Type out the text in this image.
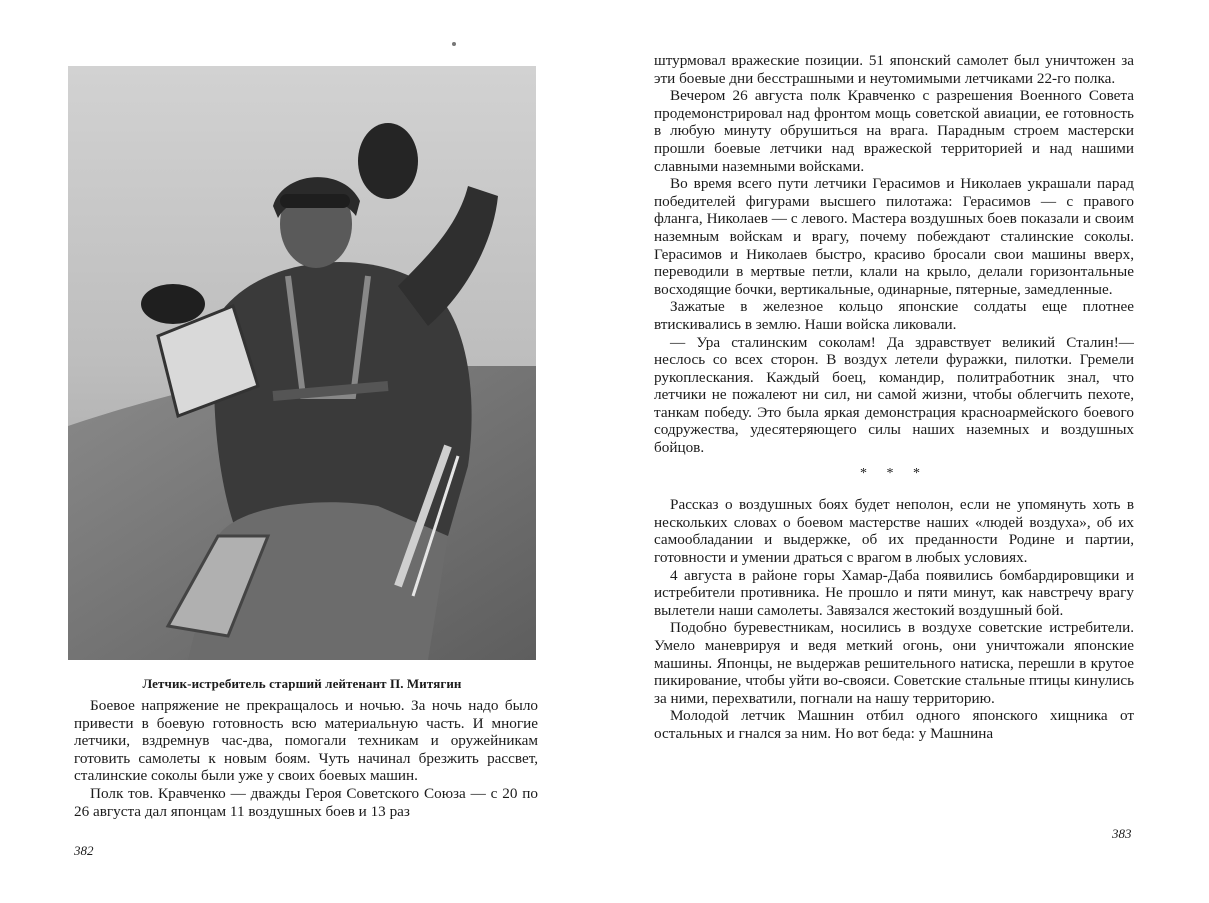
Летчик-истребитель старший лейтенант П. Митягин

Боевое напряжение не прекращалось и ночью. За ночь надо было привести в боевую готовность всю материальную часть. И многие летчики, вздремнув час-два, помогали техникам и оружейникам готовить самолеты к новым боям. Чуть начинал брезжить рассвет, сталинские соколы были уже у своих боевых машин.

Полк тов. Кравченко — дважды Героя Советского Союза — с 20 по 26 августа дал японцам 11 воздушных боев и 13 раз

382

штурмовал вражеские позиции. 51 японский самолет был уничтожен за эти боевые дни бесстрашными и неутомимыми летчиками 22-го полка.

Вечером 26 августа полк Кравченко с разрешения Военного Совета продемонстрировал над фронтом мощь советской авиации, ее готовность в любую минуту обрушиться на врага. Парадным строем мастерски прошли боевые летчики над вражеской территорией и над нашими славными наземными войсками.

Во время всего пути летчики Герасимов и Николаев украшали парад победителей фигурами высшего пилотажа: Герасимов — с правого фланга, Николаев — с левого. Мастера воздушных боев показали и своим наземным войскам и врагу, почему побеждают сталинские соколы. Герасимов и Николаев быстро, красиво бросали свои машины вверх, переводили в мертвые петли, клали на крыло, делали горизонтальные восходящие бочки, вертикальные, одинарные, пятерные, замедленные.

Зажатые в железное кольцо японские солдаты еще плотнее втискивались в землю. Наши войска ликовали.

— Ура сталинским соколам! Да здравствует великий Сталин!— неслось со всех сторон. В воздух летели фуражки, пилотки. Гремели рукоплескания. Каждый боец, командир, политработник знал, что летчики не пожалеют ни сил, ни самой жизни, чтобы облегчить пехоте, танкам победу. Это была яркая демонстрация красноармейского боевого содружества, удесятеряющего силы наших наземных и воздушных бойцов.

* * *

Рассказ о воздушных боях будет неполон, если не упомянуть хоть в нескольких словах о боевом мастерстве наших «людей воздуха», об их самообладании и выдержке, об их преданности Родине и партии, готовности и умении драться с врагом в любых условиях.

4 августа в районе горы Хамар-Даба появились бомбардировщики и истребители противника. Не прошло и пяти минут, как навстречу врагу вылетели наши самолеты. Завязался жестокий воздушный бой.

Подобно буревестникам, носились в воздухе советские истребители. Умело маневрируя и ведя меткий огонь, они уничтожали японские машины. Японцы, не выдержав решительного натиска, перешли в крутое пикирование, чтобы уйти во-свояси. Советские стальные птицы кинулись за ними, перехватили, погнали на нашу территорию.

Молодой летчик Машнин отбил одного японского хищника от остальных и гнался за ним. Но вот беда: у Машнина

383
